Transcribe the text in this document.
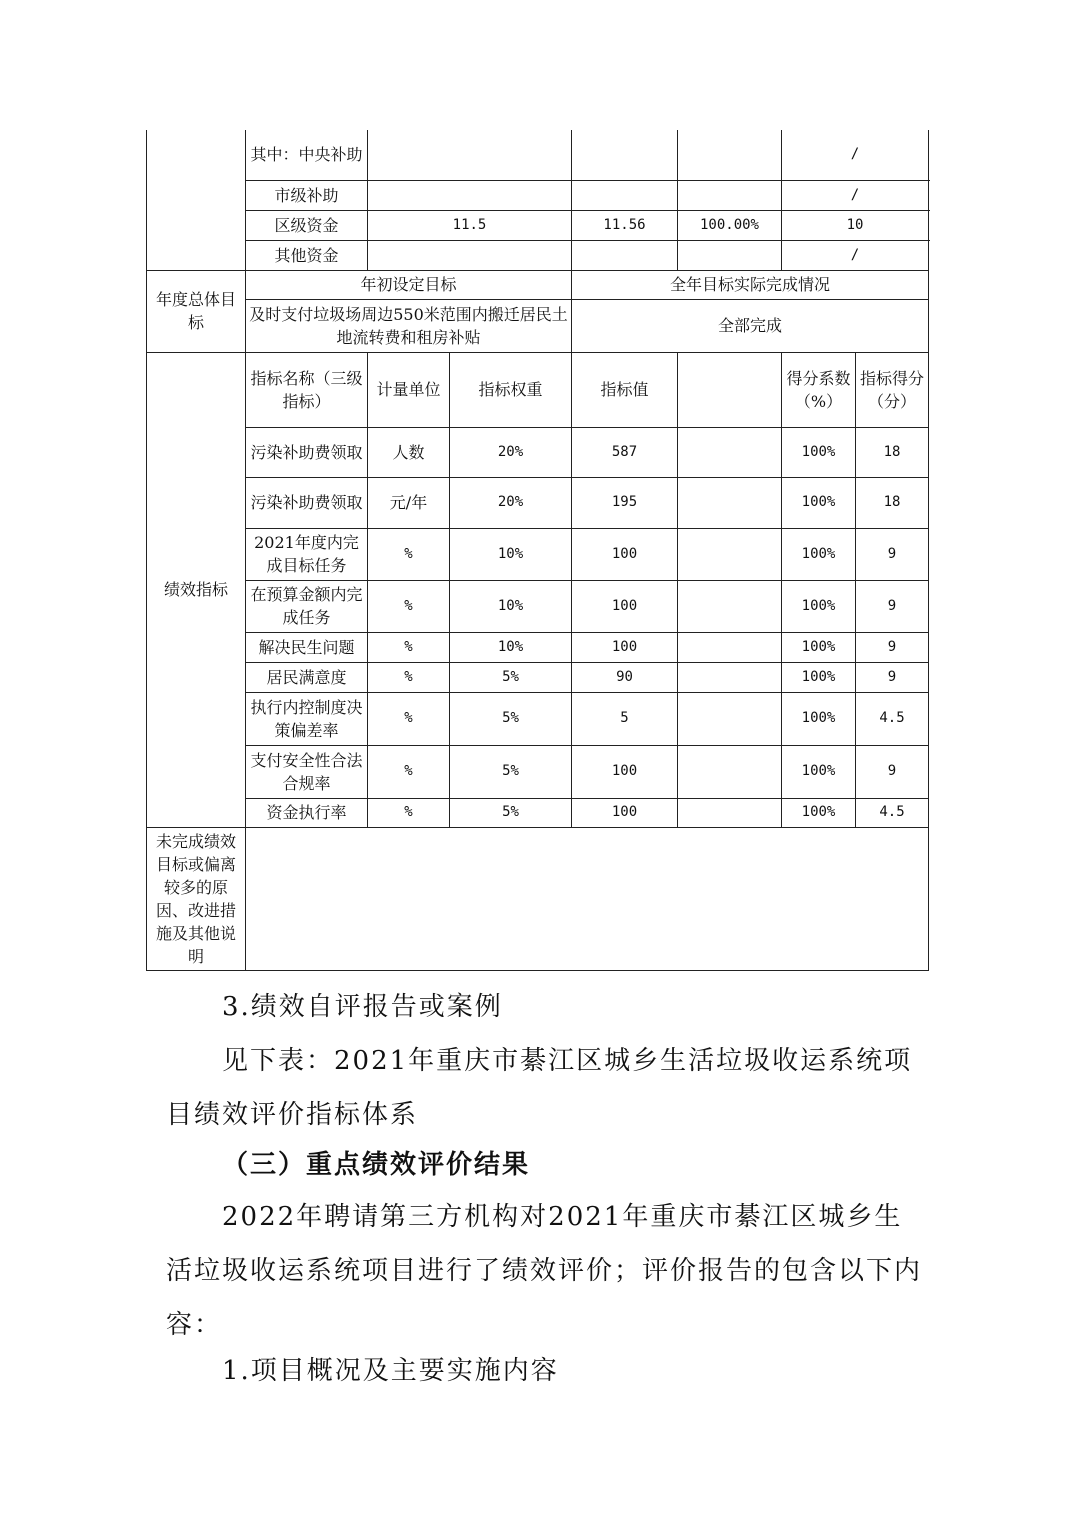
	其中：中央补助					/	
	市级补助					/	
	区级资金	11.5		11.56	100.00%	10	
	其他资金					/	
年度总体目标	年初设定目标			全年目标实际完成情况			
	及时支付垃圾场周边550米范围内搬迁居民土地流转费和租房补贴			全部完成			
绩效指标	指标名称（三级指标）	计量单位	指标权重	指标值		得分系数（%）	指标得分（分）
	污染补助费领取	人数	20%	587		100%	18
	污染补助费领取	元/年	20%	195		100%	18
	2021年度内完成目标任务	%	10%	100		100%	9
	在预算金额内完成任务	%	10%	100		100%	9
	解决民生问题	%	10%	100		100%	9
	居民满意度	%	5%	90		100%	9
	执行内控制度决策偏差率	%	5%	5		100%	4.5
	支付安全性合法合规率	%	5%	100		100%	9
	资金执行率	%	5%	100		100%	4.5
未完成绩效目标或偏离较多的原因、改进措施及其他说明							

3.绩效自评报告或案例

见下表：2021年重庆市綦江区城乡生活垃圾收运系统项目绩效评价指标体系

（三）重点绩效评价结果

2022年聘请第三方机构对2021年重庆市綦江区城乡生活垃圾收运系统项目进行了绩效评价；评价报告的包含以下内容：

1.项目概况及主要实施内容
